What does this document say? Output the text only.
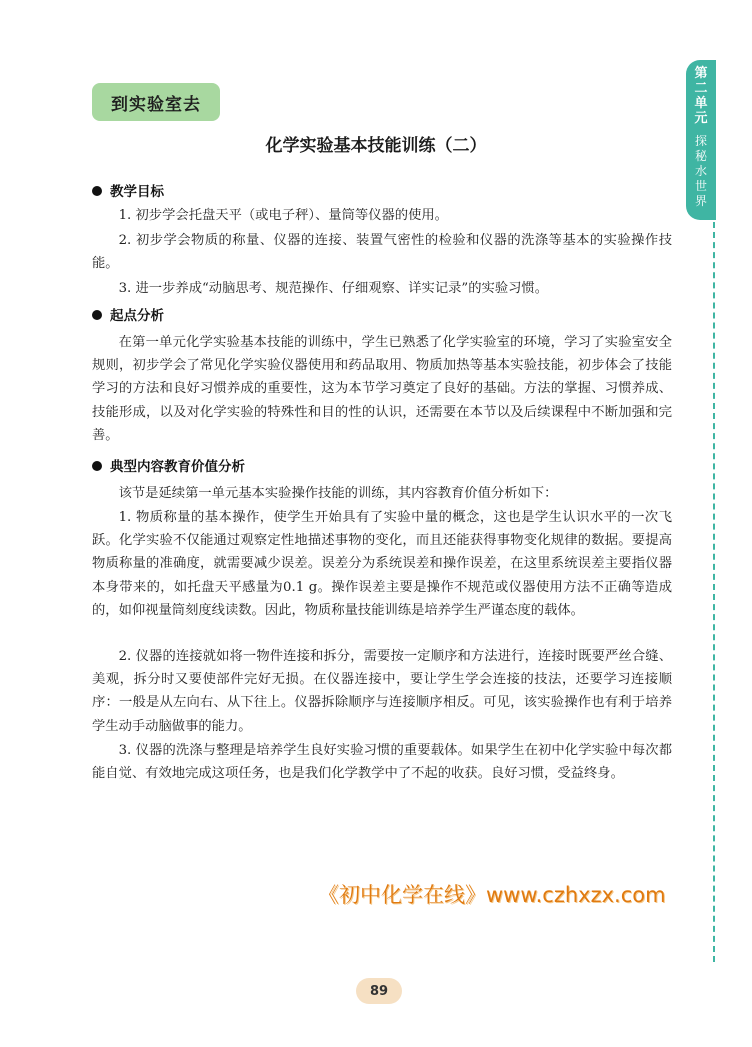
到实验室去
化学实验基本技能训练（二）
第
二
单
元
探
秘
水
世
界
教学目标

1. 初步学会托盘天平（或电子秤）、量筒等仪器的使用。

2. 初步学会物质的称量、仪器的连接、装置气密性的检验和仪器的洗涤等基本的实验操作技能。

3. 进一步养成“动脑思考、规范操作、仔细观察、详实记录”的实验习惯。

起点分析

在第一单元化学实验基本技能的训练中，学生已熟悉了化学实验室的环境，学习了实验室安全规则，初步学会了常见化学实验仪器使用和药品取用、物质加热等基本实验技能，初步体会了技能学习的方法和良好习惯养成的重要性，这为本节学习奠定了良好的基础。方法的掌握、习惯养成、技能形成，以及对化学实验的特殊性和目的性的认识，还需要在本节以及后续课程中不断加强和完善。

典型内容教育价值分析

该节是延续第一单元基本实验操作技能的训练，其内容教育价值分析如下：

1. 物质称量的基本操作，使学生开始具有了实验中量的概念，这也是学生认识水平的一次飞跃。化学实验不仅能通过观察定性地描述事物的变化，而且还能获得事物变化规律的数据。要提高物质称量的准确度，就需要减少误差。误差分为系统误差和操作误差，在这里系统误差主要指仪器本身带来的，如托盘天平感量为0.1 g。操作误差主要是操作不规范或仪器使用方法不正确等造成的，如仰视量筒刻度线读数。因此，物质称量技能训练是培养学生严谨态度的载体。

2. 仪器的连接就如将一物件连接和拆分，需要按一定顺序和方法进行，连接时既要严丝合缝、美观，拆分时又要使部件完好无损。在仪器连接中，要让学生学会连接的技法，还要学习连接顺序：一般是从左向右、从下往上。仪器拆除顺序与连接顺序相反。可见，该实验操作也有利于培养学生动手动脑做事的能力。

3. 仪器的洗涤与整理是培养学生良好实验习惯的重要载体。如果学生在初中化学实验中每次都能自觉、有效地完成这项任务，也是我们化学教学中了不起的收获。良好习惯，受益终身。

《初中化学在线》www.czhxzx.com
89
